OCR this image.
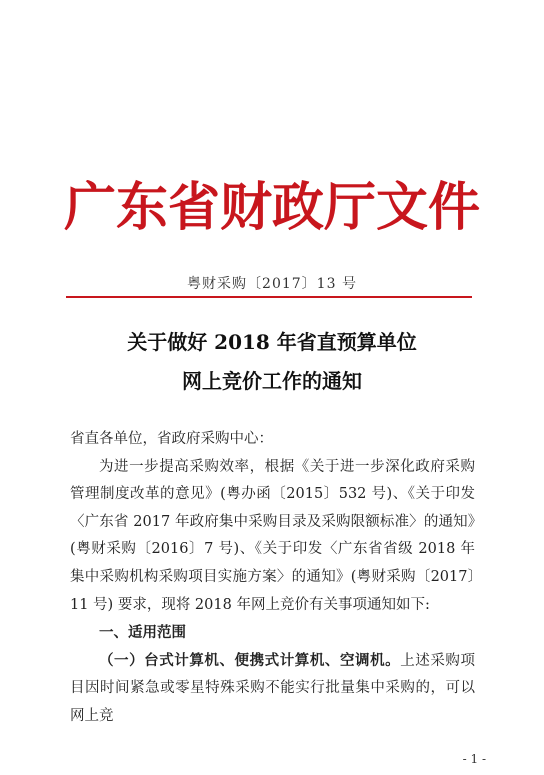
广东省财政厅文件
粤财采购〔2017〕13 号
关于做好 2018 年省直预算单位
网上竞价工作的通知

省直各单位，省政府采购中心：

为进一步提高采购效率，根据《关于进一步深化政府采购管理制度改革的意见》(粤办函〔2015〕532 号)、《关于印发〈广东省 2017 年政府集中采购目录及采购限额标准〉的通知》(粤财采购〔2016〕7 号)、《关于印发〈广东省省级 2018 年集中采购机构采购项目实施方案〉的通知》(粤财采购〔2017〕11 号) 要求，现将 2018 年网上竞价有关事项通知如下:

一、适用范围

（一）台式计算机、便携式计算机、空调机。上述采购项目因时间紧急或零星特殊采购不能实行批量集中采购的，可以网上竞

- 1 -
